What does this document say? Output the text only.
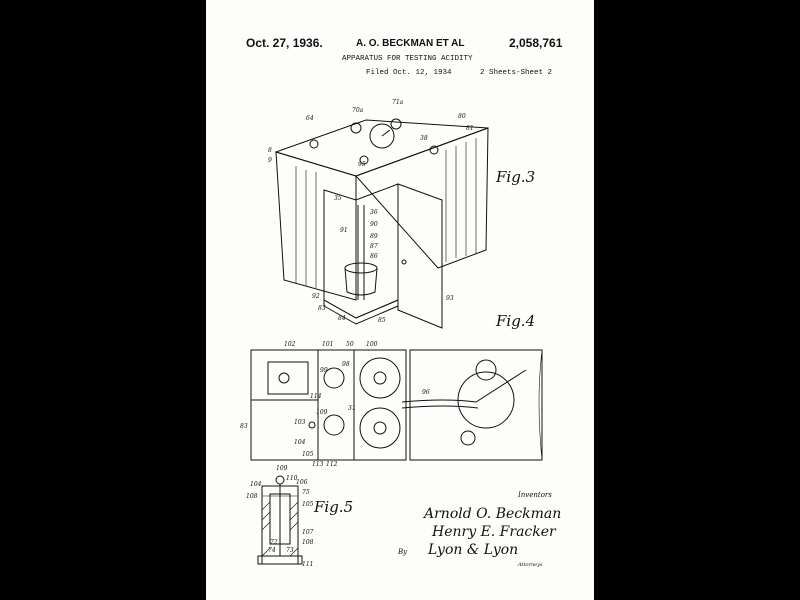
Oct. 27, 1936.	A. O. BECKMAN ET AL	2,058,761
APPARATUS FOR TESTING ACIDITY
Filed Oct. 12, 1934	2 Sheets-Sheet 2
64
70a
71a
80
81
38
8
9
95
35
36
90
89
87
86
91
92
83
84	85
93
Fig.3
102	101 50 100
99
98
114
31
83
103
109
104
105
113 112
96
Fig.4
109
110
106
104
108
75
105
107
108
72
74 73
111
Fig.5
Inventors
Arnold O. Beckman
Henry E. Fracker
By Lyon & Lyon
Attorneys
